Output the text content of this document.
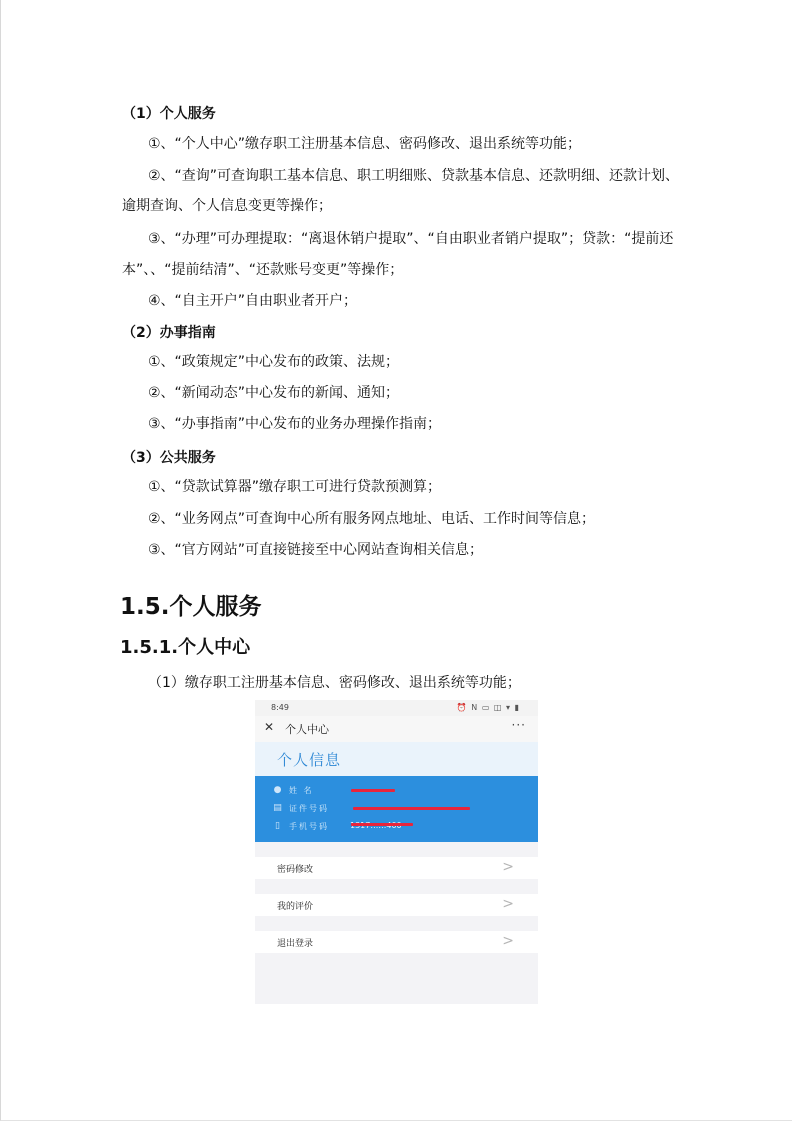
（1）个人服务
①、“个人中心”缴存职工注册基本信息、密码修改、退出系统等功能；
②、“查询”可查询职工基本信息、职工明细账、贷款基本信息、还款明细、还款计划、
逾期查询、个人信息变更等操作；
③、“办理”可办理提取：“离退休销户提取”、“自由职业者销户提取”；贷款：“提前还
本”、、“提前结清”、“还款账号变更”等操作；
④、“自主开户”自由职业者开户；
（2）办事指南
①、“政策规定”中心发布的政策、法规；
②、“新闻动态”中心发布的新闻、通知；
③、“办事指南”中心发布的业务办理操作指南；
（3）公共服务
①、“贷款试算器”缴存职工可进行贷款预测算；
②、“业务网点”可查询中心所有服务网点地址、电话、工作时间等信息；
③、“官方网站”可直接链接至中心网站查询相关信息；
1.5.个人服务
1.5.1.个人中心
（1）缴存职工注册基本信息、密码修改、退出系统等功能；
8:49	⏰ N ▭ ◫ ▾ ▮
✕ 个人中心	···
个人信息
● 姓 名
▤ 证件号码
▯ 手机号码
密码修改	>
我的评价	>
退出登录	>
